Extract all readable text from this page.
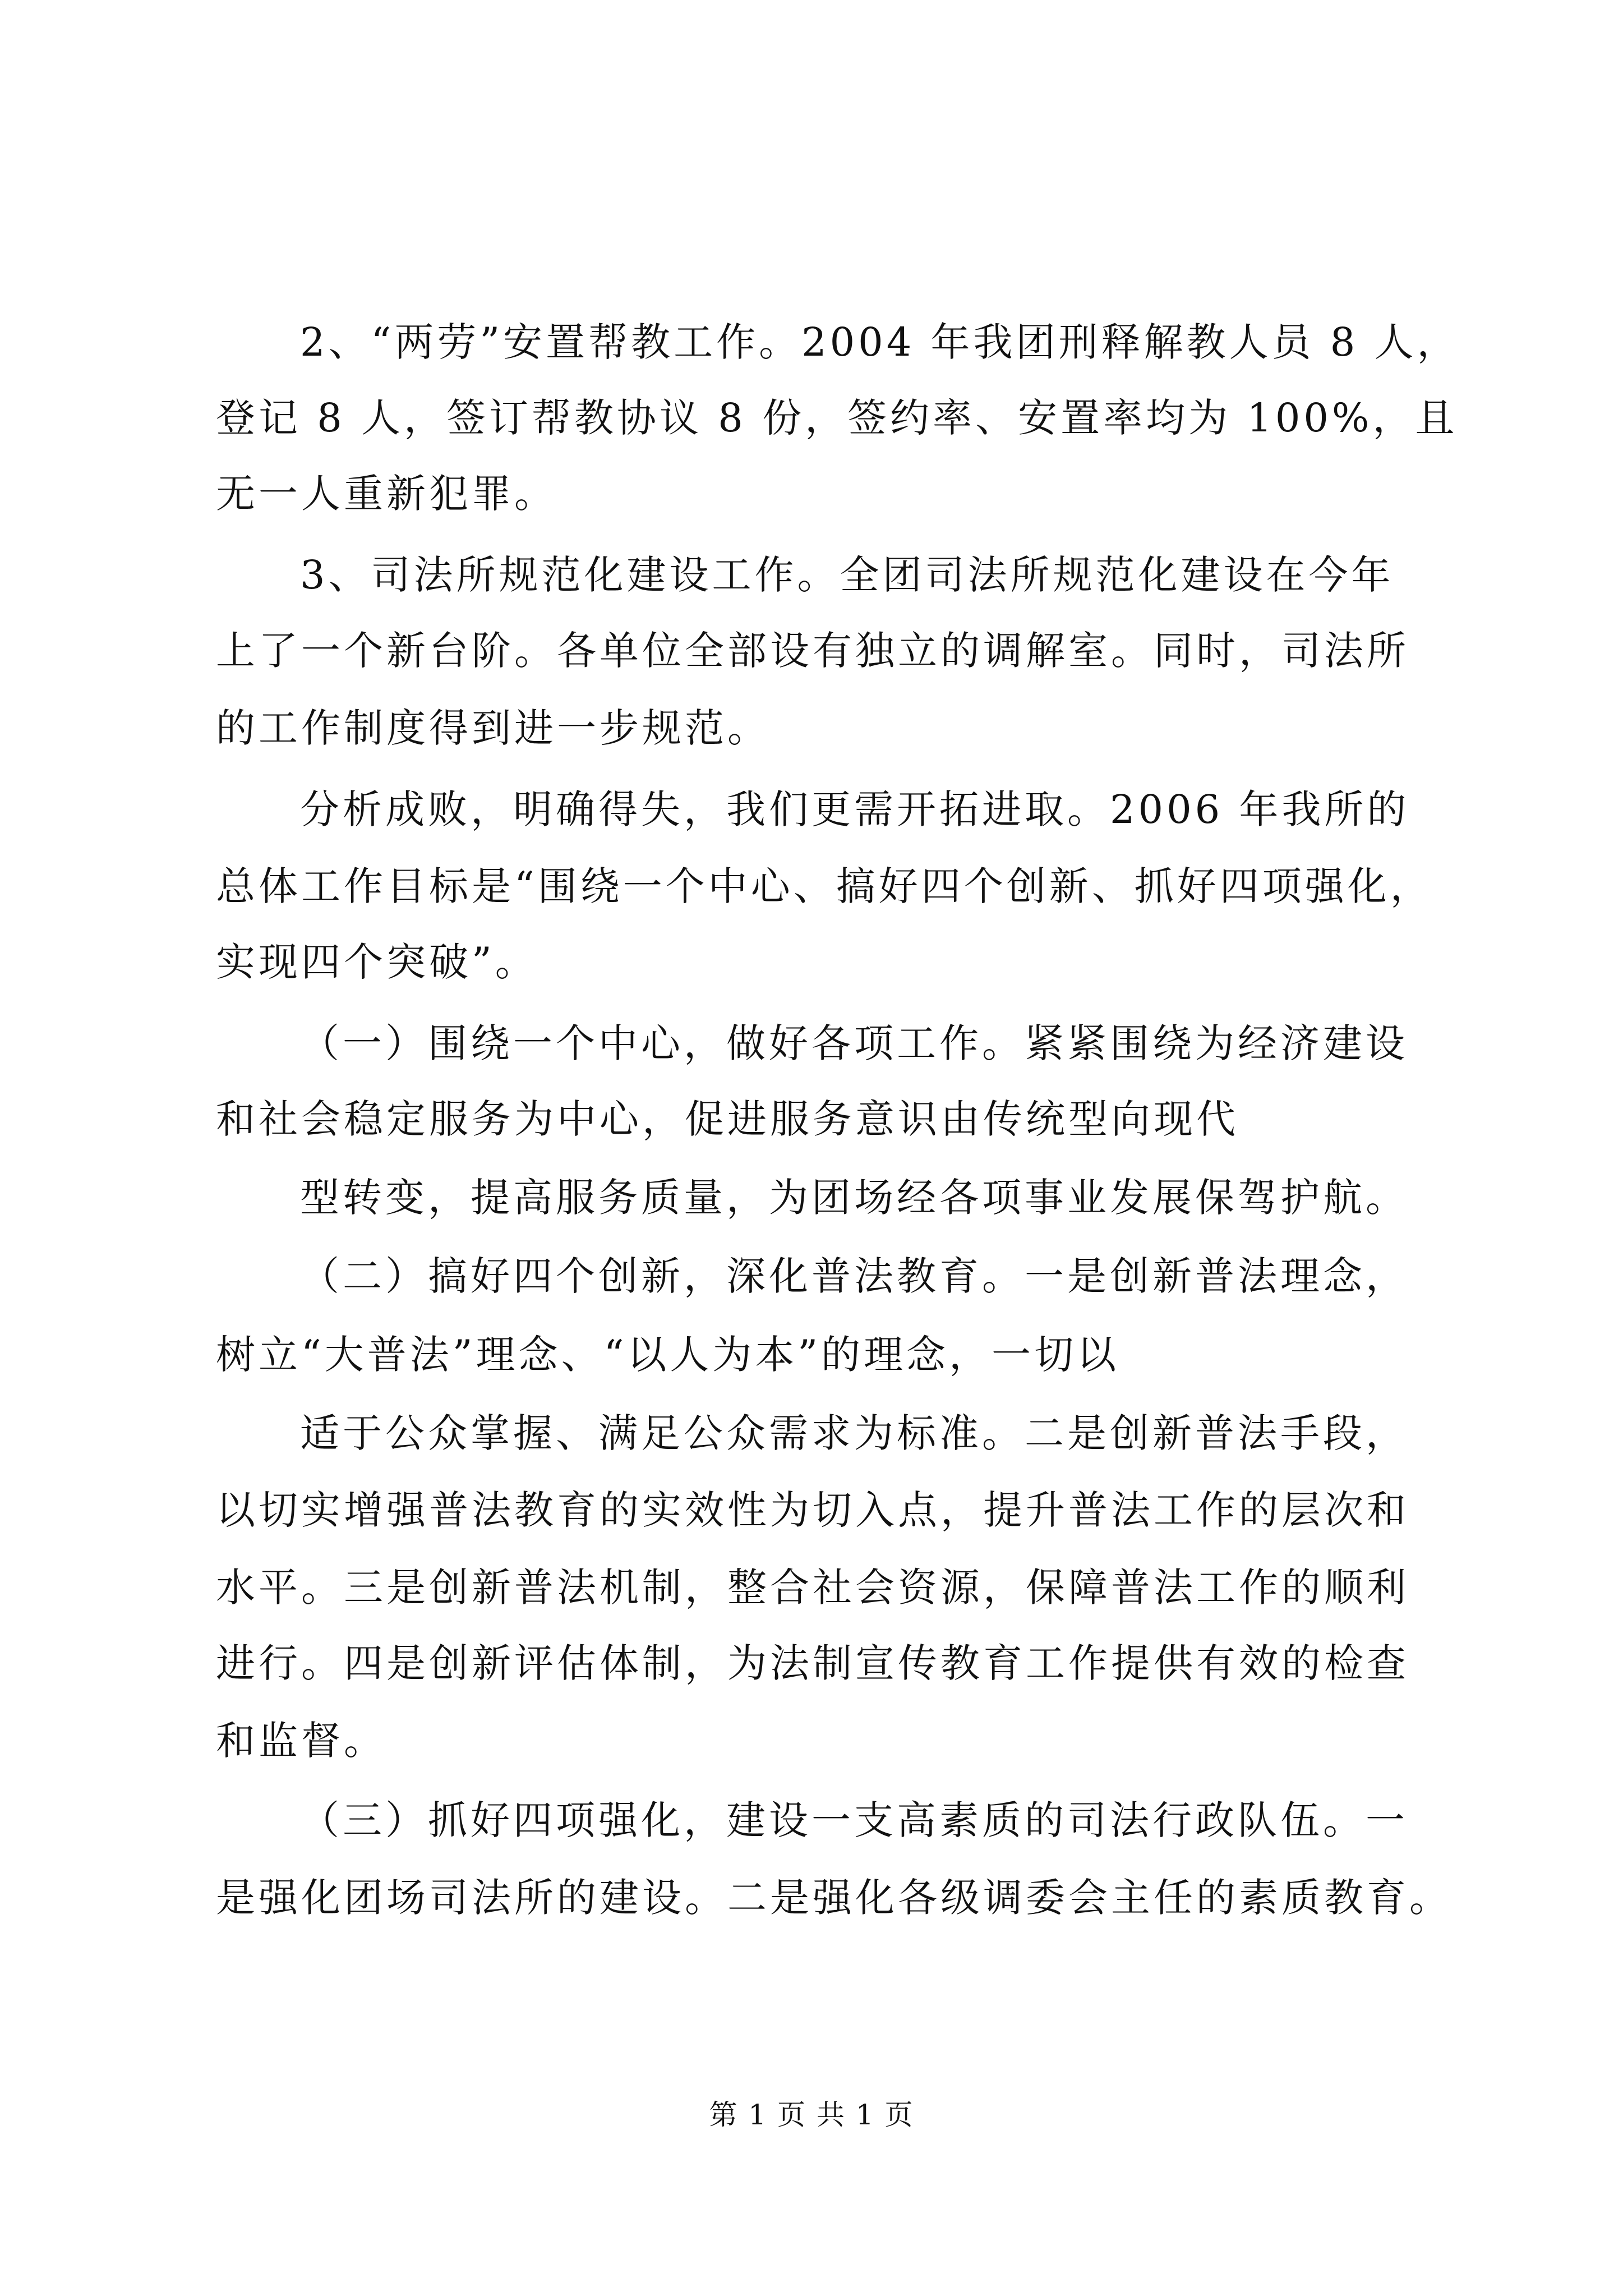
2、“两劳”安置帮教工作。2004 年我团刑释解教人员 8 人，
登记 8 人，签订帮教协议 8 份，签约率、安置率均为 100%，且
无一人重新犯罪。
3、司法所规范化建设工作。全团司法所规范化建设在今年
上了一个新台阶。各单位全部设有独立的调解室。同时，司法所
的工作制度得到进一步规范。
分析成败，明确得失，我们更需开拓进取。2006 年我所的
总体工作目标是“围绕一个中心、搞好四个创新、抓好四项强化，
实现四个突破”。
（一）围绕一个中心，做好各项工作。紧紧围绕为经济建设
和社会稳定服务为中心，促进服务意识由传统型向现代
型转变，提高服务质量，为团场经各项事业发展保驾护航。
（二）搞好四个创新，深化普法教育。一是创新普法理念，
树立“大普法”理念、“以人为本”的理念，一切以
适于公众掌握、满足公众需求为标准。二是创新普法手段，
以切实增强普法教育的实效性为切入点，提升普法工作的层次和
水平。三是创新普法机制，整合社会资源，保障普法工作的顺利
进行。四是创新评估体制，为法制宣传教育工作提供有效的检查
和监督。
（三）抓好四项强化，建设一支高素质的司法行政队伍。一
是强化团场司法所的建设。二是强化各级调委会主任的素质教育。
第 1 页 共 1 页
